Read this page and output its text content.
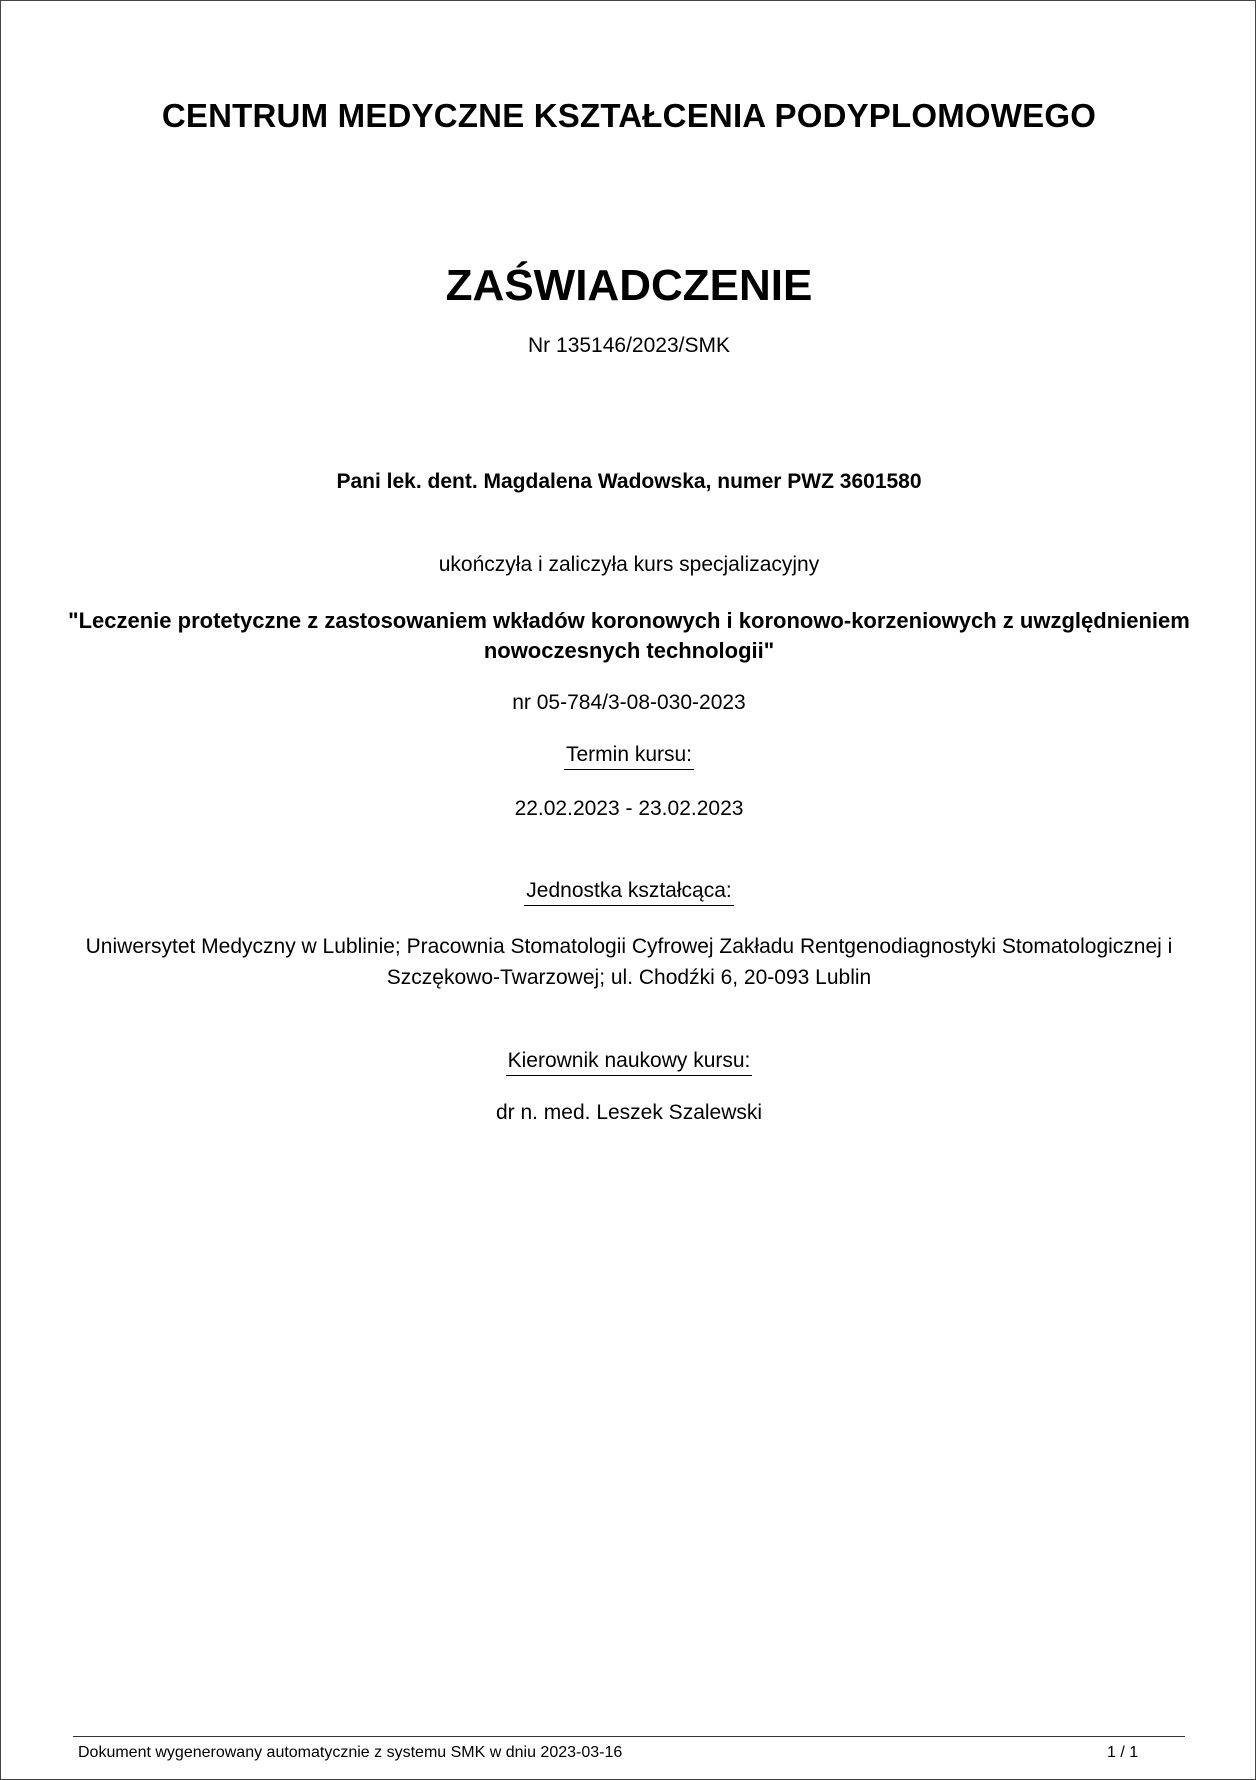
CENTRUM MEDYCZNE KSZTAŁCENIA PODYPLOMOWEGO
ZAŚWIADCZENIE
Nr 135146/2023/SMK
Pani lek. dent. Magdalena Wadowska, numer PWZ 3601580
ukończyła i zaliczyła kurs specjalizacyjny
"Leczenie protetyczne z zastosowaniem wkładów koronowych i koronowo-korzeniowych z uwzględnieniem nowoczesnych technologii"
nr 05-784/3-08-030-2023
Termin kursu:
22.02.2023 - 23.02.2023
Jednostka kształcąca:
Uniwersytet Medyczny w Lublinie; Pracownia Stomatologii Cyfrowej Zakładu Rentgenodiagnostyki Stomatologicznej i Szczękowo-Twarzowej; ul. Chodźki 6, 20-093 Lublin
Kierownik naukowy kursu:
dr n. med. Leszek Szalewski
Dokument wygenerowany automatycznie z systemu SMK w dniu 2023-03-16	1 / 1
